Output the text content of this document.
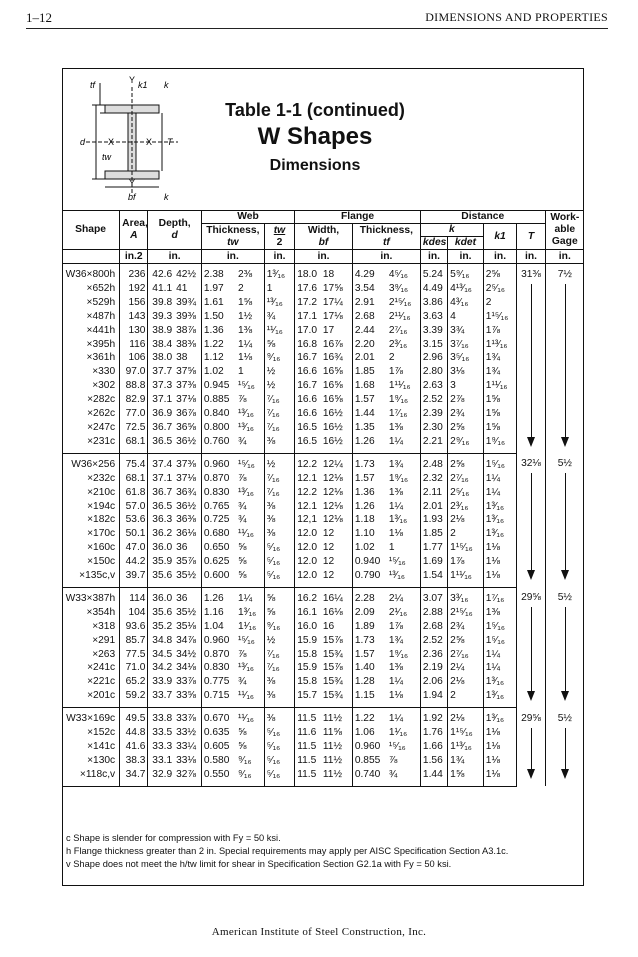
1–12	DIMENSIONS AND PROPERTIES
tf	k1 k
Y
d	X	X T
tw
Y
bf	k
Table 1-1 (continued)
W Shapes
Dimensions
Shape	Area,
A	Depth,
d		Web			Flange				Distance				Work-
able
Gage
				Thickness,
tw		tw
2	Width,
bf		Thickness,
tf		k		k1	T	
											kdes	kdet			
	in.2	in.		in.		in.	in.		in.		in.	in.	in.	in.	in.
W36×800h	236	42.6	42½	2.38	2⅜	1³⁄₁₆	18.0	18	4.29	4⁵⁄₁₆	5.24	5⁹⁄₁₆	2⅝	31⅜	7½

×652h	192	41.1	41	1.97	2	1	17.6	17⅝	3.54	3⁹⁄₁₆	4.49	4¹³⁄₁₆	2⁵⁄₁₆		
×529h	156	39.8	39¾	1.61	1⅝	¹³⁄₁₆	17.2	17¼	2.91	2¹⁵⁄₁₆	3.86	4³⁄₁₆	2		
×487h	143	39.3	39⅜	1.50	1½	¾	17.1	17⅛	2.68	2¹¹⁄₁₆	3.63	4	1¹⁵⁄₁₆		
×441h	130	38.9	38⅞	1.36	1⅜	¹¹⁄₁₆	17.0	17	2.44	2⁷⁄₁₆	3.39	3¾	1⅞		
×395h	116	38.4	38⅜	1.22	1¼	⅝	16.8	16⅞	2.20	2³⁄₁₆	3.15	3⁷⁄₁₆	1¹³⁄₁₆		
×361h	106	38.0	38	1.12	1⅛	⁹⁄₁₆	16.7	16¾	2.01	2	2.96	3⁵⁄₁₆	1¾		
×330	97.0	37.7	37⅝	1.02	1	½	16.6	16⅝	1.85	1⅞	2.80	3⅛	1¾		
×302	88.8	37.3	37⅜	0.945	¹⁵⁄₁₆	½	16.7	16⅝	1.68	1¹¹⁄₁₆	2.63	3	1¹¹⁄₁₆		
×282c	82.9	37.1	37⅛	0.885	⅞	⁷⁄₁₆	16.6	16⅝	1.57	1⁹⁄₁₆	2.52	2⅞	1⅝		
×262c	77.0	36.9	36⅞	0.840	¹³⁄₁₆	⁷⁄₁₆	16.6	16½	1.44	1⁷⁄₁₆	2.39	2¾	1⅝		
×247c	72.5	36.7	36⅝	0.800	¹³⁄₁₆	⁷⁄₁₆	16.5	16½	1.35	1⅜	2.30	2⅝	1⅝		
×231c	68.1	36.5	36½	0.760	¾	⅜	16.5	16½	1.26	1¼	2.21	2⁹⁄₁₆	1⁹⁄₁₆		
W36×256	75.4	37.4	37⅜	0.960	¹⁵⁄₁₆	½	12.2	12¼	1.73	1¾	2.48	2⅝	1⁵⁄₁₆	32⅛	5½

×232c	68.1	37.1	37⅛	0.870	⅞	⁷⁄₁₆	12.1	12⅛	1.57	1⁹⁄₁₆	2.32	2⁷⁄₁₆	1¼		
×210c	61.8	36.7	36¾	0.830	¹³⁄₁₆	⁷⁄₁₆	12.2	12⅛	1.36	1⅜	2.11	2⁵⁄₁₆	1¼		
×194c	57.0	36.5	36½	0.765	¾	⅜	12.1	12⅛	1.26	1¼	2.01	2³⁄₁₆	1³⁄₁₆		
×182c	53.6	36.3	36⅜	0.725	¾	⅜	12,1	12⅛	1.18	1³⁄₁₆	1.93	2⅛	1³⁄₁₆		
×170c	50.1	36.2	36⅛	0.680	¹¹⁄₁₆	⅜	12.0	12	1.10	1⅛	1.85	2	1³⁄₁₆		
×160c	47.0	36.0	36	0.650	⅝	⁵⁄₁₆	12.0	12	1.02	1	1.77	1¹⁵⁄₁₆	1⅛		
×150c	44.2	35.9	35⅞	0.625	⅝	⁵⁄₁₆	12.0	12	0.940	¹⁵⁄₁₆	1.69	1⅞	1⅛		
×135c,v	39.7	35.6	35½	0.600	⅝	⁵⁄₁₆	12.0	12	0.790	¹³⁄₁₆	1.54	1¹¹⁄₁₆	1⅛		
W33×387h	114	36.0	36	1.26	1¼	⅝	16.2	16¼	2.28	2¼	3.07	3³⁄₁₆	1⁷⁄₁₆	29⅝	5½

×354h	104	35.6	35½	1.16	1³⁄₁₆	⅝	16.1	16⅛	2.09	2¹⁄₁₆	2.88	2¹⁵⁄₁₆	1⅜		
×318	93.6	35.2	35⅛	1.04	1¹⁄₁₆	⁹⁄₁₆	16.0	16	1.89	1⅞	2.68	2¾	1⁵⁄₁₆		
×291	85.7	34.8	34⅞	0.960	¹⁵⁄₁₆	½	15.9	15⅞	1.73	1¾	2.52	2⅝	1⁵⁄₁₆		
×263	77.5	34.5	34½	0.870	⅞	⁷⁄₁₆	15.8	15¾	1.57	1⁹⁄₁₆	2.36	2⁷⁄₁₆	1¼		
×241c	71.0	34.2	34⅛	0.830	¹³⁄₁₆	⁷⁄₁₆	15.9	15⅞	1.40	1⅜	2.19	2¼	1¼		
×221c	65.2	33.9	33⅞	0.775	¾	⅜	15.8	15¾	1.28	1¼	2.06	2⅛	1³⁄₁₆		
×201c	59.2	33.7	33⅝	0.715	¹¹⁄₁₆	⅜	15.7	15¾	1.15	1⅛	1.94	2	1³⁄₁₆		
W33×169c	49.5	33.8	33⅞	0.670	¹¹⁄₁₆	⅜	11.5	11½	1.22	1¼	1.92	2⅛	1³⁄₁₆	29⅝	5½

×152c	44.8	33.5	33½	0.635	⅝	⁵⁄₁₆	11.6	11⅝	1.06	1¹⁄₁₆	1.76	1¹⁵⁄₁₆	1⅛		
×141c	41.6	33.3	33¼	0.605	⅝	⁵⁄₁₆	11.5	11½	0.960	¹⁵⁄₁₆	1.66	1¹³⁄₁₆	1⅛		
×130c	38.3	33.1	33⅛	0.580	⁹⁄₁₆	⁵⁄₁₆	11.5	11½	0.855	⅞	1.56	1¾	1⅛		
×118c,v	34.7	32.9	32⅞	0.550	⁹⁄₁₆	⁵⁄₁₆	11.5	11½	0.740	¾	1.44	1⅝	1⅛		
c Shape is slender for compression with Fy = 50 ksi.
h Flange thickness greater than 2 in. Special requirements may apply per AISC Specification Section A3.1c.
v Shape does not meet the h/tw limit for shear in Specification Section G2.1a with Fy = 50 ksi.
American Institute of Steel Construction, Inc.
